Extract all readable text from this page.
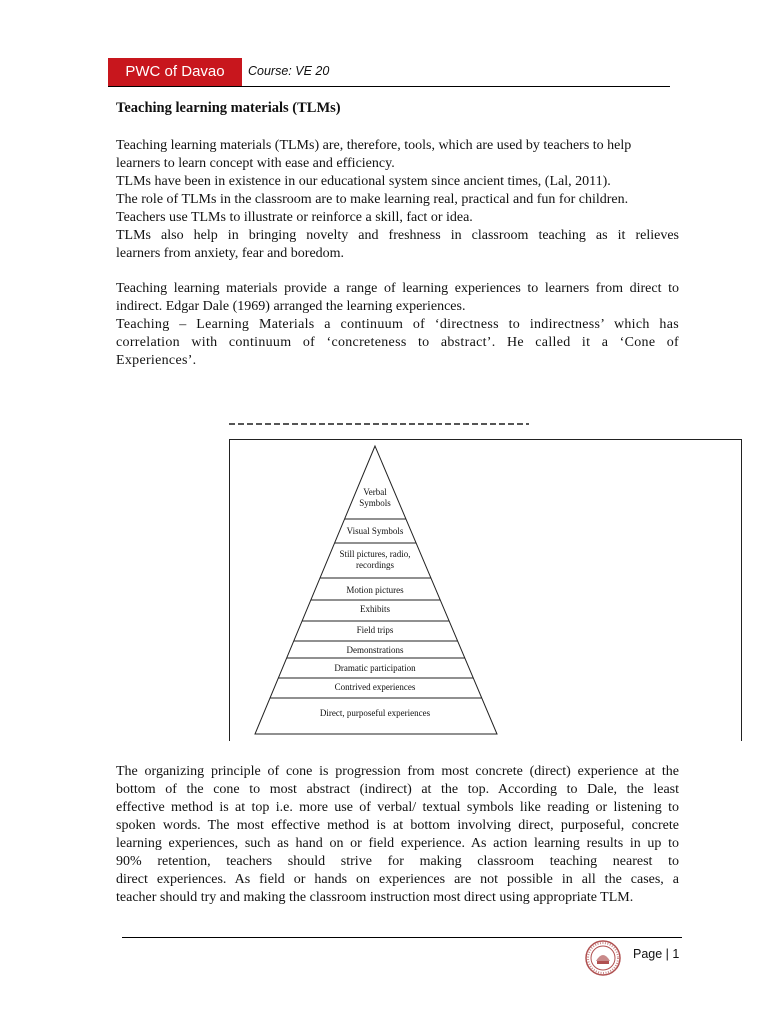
PWC of Davao	Course: VE 20
Teaching learning materials (TLMs)

Teaching learning materials (TLMs) are, therefore, tools, which are used by teachers to help
learners to learn concept with ease and efficiency.
TLMs have been in existence in our educational system since ancient times, (Lal, 2011).
The role of TLMs in the classroom are to make learning real, practical and fun for children.
Teachers use TLMs to illustrate or reinforce a skill, fact or idea.
TLMs also help in bringing novelty and freshness in classroom teaching as it relieves
learners from anxiety, fear and boredom.

Teaching learning materials provide a range of learning experiences to learners from direct to
indirect. Edgar Dale (1969) arranged the learning experiences.
Teaching – Learning Materials a continuum of ‘directness to indirectness’ which has
correlation with continuum of ‘concreteness to abstract’. He called it a ‘Cone of
Experiences’.

Verbal
Symbols
Visual Symbols
Still pictures, radio,
recordings
Motion pictures
Exhibits
Field trips
Demonstrations
Dramatic participation
Contrived experiences
Direct, purposeful experiences

The organizing principle of cone is progression from most concrete (direct) experience at the
bottom of the cone to most abstract (indirect) at the top. According to Dale, the least
effective method is at top i.e. more use of verbal/ textual symbols like reading or listening to
spoken words. The most effective method is at bottom involving direct, purposeful, concrete
learning experiences, such as hand on or field experience. As action learning results in up to
90% retention, teachers should strive for making classroom teaching nearest to
direct experiences. As field or hands on experiences are not possible in all the cases, a
teacher should try and making the classroom instruction most direct using appropriate TLM.

Page | 1
